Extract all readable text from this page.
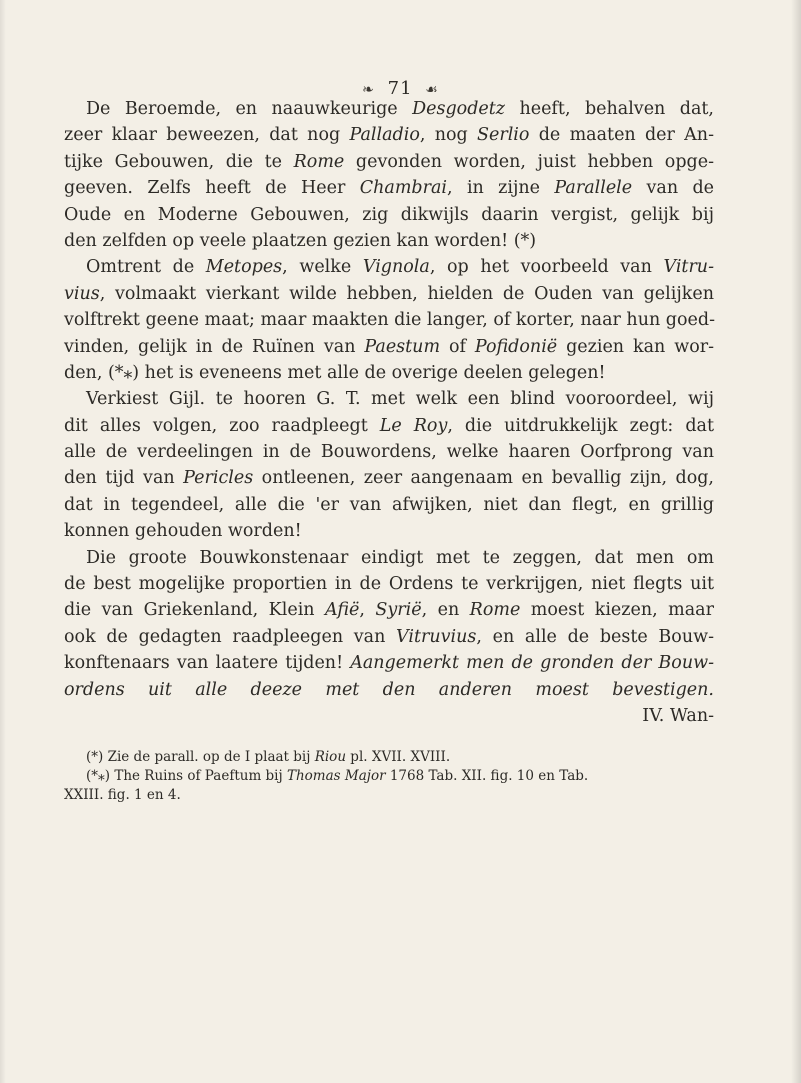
❧ 71 ☙
De Beroemde, en naauwkeurige Desgodetz heeft, behalven dat,
zeer klaar beweezen, dat nog Palladio, nog Serlio de maaten der An-
tijke Gebouwen, die te Rome gevonden worden, juist hebben opge-
geeven. Zelfs heeft de Heer Chambrai, in zijne Parallele van de
Oude en Moderne Gebouwen, zig dikwijls daarin vergist, gelijk bij
den zelfden op veele plaatzen gezien kan worden! (*)
Omtrent de Metopes, welke Vignola, op het voorbeeld van Vitru-
vius, volmaakt vierkant wilde hebben, hielden de Ouden van gelijken
volftrekt geene maat; maar maakten die langer, of korter, naar hun goed-
vinden, gelijk in de Ruïnen van Paestum of Pofidonië gezien kan wor-
den, (*⁎) het is eveneens met alle de overige deelen gelegen!
Verkiest Gijl. te hooren G. T. met welk een blind vooroordeel, wij
dit alles volgen, zoo raadpleegt Le Roy, die uitdrukkelijk zegt: dat
alle de verdeelingen in de Bouwordens, welke haaren Oorfprong van
den tijd van Pericles ontleenen, zeer aangenaam en bevallig zijn, dog,
dat in tegendeel, alle die 'er van afwijken, niet dan flegt, en grillig
konnen gehouden worden!
Die groote Bouwkonstenaar eindigt met te zeggen, dat men om
de best mogelijke proportien in de Ordens te verkrijgen, niet flegts uit
die van Griekenland, Klein Afië, Syrië, en Rome moest kiezen, maar
ook de gedagten raadpleegen van Vitruvius, en alle de beste Bouw-
konftenaars van laatere tijden! Aangemerkt men de gronden der Bouw-
ordens uit alle deeze met den anderen moest bevestigen.
IV. Wan-
(*) Zie de parall. op de I plaat bij Riou pl. XVII. XVIII.
(*⁎) The Ruins of Paeftum bij Thomas Major 1768 Tab. XII. fig. 10 en Tab.
XXIII. fig. 1 en 4.
